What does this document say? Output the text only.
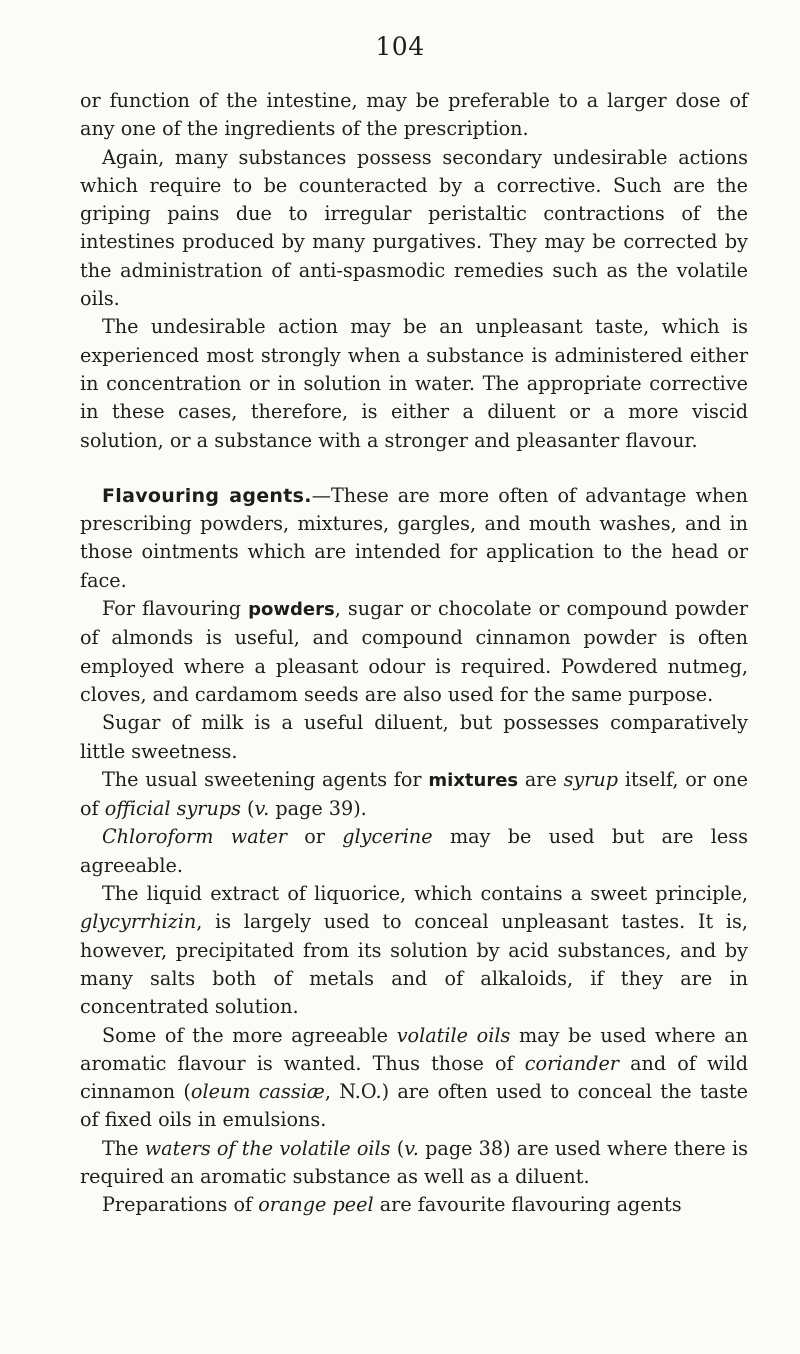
104

or function of the intestine, may be preferable to a larger dose of any one of the ingredients of the prescription.

Again, many substances possess secondary undesirable actions which require to be counteracted by a corrective. Such are the griping pains due to irregular peristaltic contractions of the intestines produced by many purgatives. They may be corrected by the administration of anti-spasmodic remedies such as the volatile oils.

The undesirable action may be an unpleasant taste, which is experienced most strongly when a substance is administered either in concentration or in solution in water. The appropriate corrective in these cases, therefore, is either a diluent or a more viscid solution, or a substance with a stronger and pleasanter flavour.

Flavouring agents.—These are more often of advantage when prescribing powders, mixtures, gargles, and mouth washes, and in those ointments which are intended for application to the head or face.

For flavouring powders, sugar or chocolate or compound powder of almonds is useful, and compound cinnamon powder is often employed where a pleasant odour is required. Powdered nutmeg, cloves, and cardamom seeds are also used for the same purpose.

Sugar of milk is a useful diluent, but possesses comparatively little sweetness.

The usual sweetening agents for mixtures are syrup itself, or one of official syrups (v. page 39).

Chloroform water or glycerine may be used but are less agreeable.

The liquid extract of liquorice, which contains a sweet principle, glycyrrhizin, is largely used to conceal unpleasant tastes. It is, however, precipitated from its solution by acid substances, and by many salts both of metals and of alkaloids, if they are in concentrated solution.

Some of the more agreeable volatile oils may be used where an aromatic flavour is wanted. Thus those of coriander and of wild cinnamon (oleum cassiæ, N.O.) are often used to conceal the taste of fixed oils in emulsions.

The waters of the volatile oils (v. page 38) are used where there is required an aromatic substance as well as a diluent.

Preparations of orange peel are favourite flavouring agents
